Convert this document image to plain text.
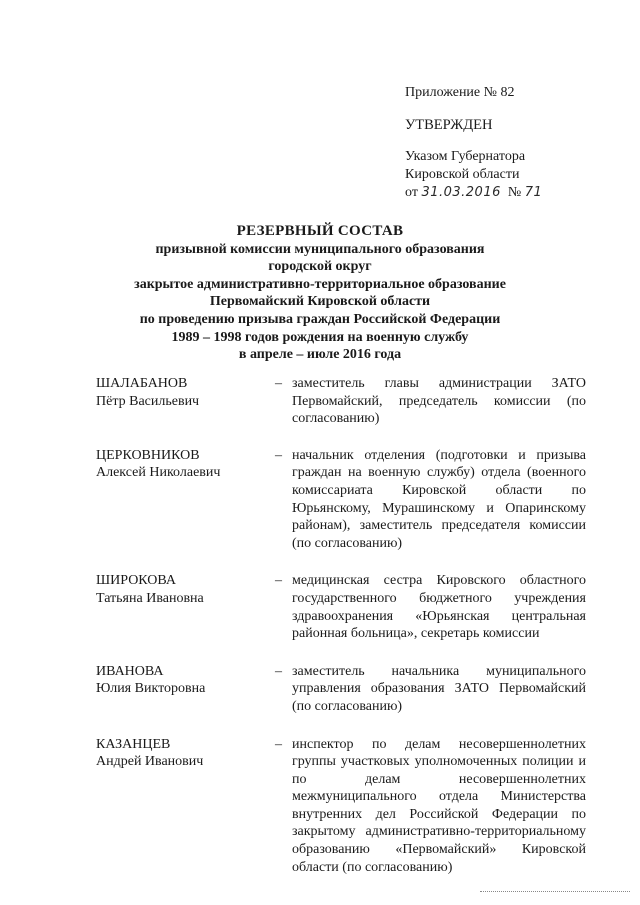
Приложение № 82
УТВЕРЖДЕН
Указом Губернатора
Кировской области
от 31.03.2016 № 71
РЕЗЕРВНЫЙ СОСТАВ
призывной комиссии муниципального образования
городской округ
закрытое административно-территориальное образование
Первомайский Кировской области
по проведению призыва граждан Российской Федерации
1989 – 1998 годов рождения на военную службу
в апреле – июле 2016 года
ШАЛАБАНОВ
Пётр Васильевич
– заместитель главы администрации ЗАТО Первомайский, председатель комиссии (по согласованию)
ЦЕРКОВНИКОВ
Алексей Николаевич
– начальник отделения (подготовки и призыва граждан на военную службу) отдела (военного комиссариата Кировской области по Юрьянскому, Мурашинскому и Опаринскому районам), заместитель председателя комиссии (по согласованию)
ШИРОКОВА
Татьяна Ивановна
– медицинская сестра Кировского областного государственного бюджетного учреждения здравоохранения «Юрьянская центральная районная больница», секретарь комиссии
ИВАНОВА
Юлия Викторовна
– заместитель начальника муниципального управления образования ЗАТО Первомайский (по согласованию)
КАЗАНЦЕВ
Андрей Иванович
– инспектор по делам несовершеннолетних группы участковых уполномоченных полиции и по делам несовершеннолетних межмуниципального отдела Министерства внутренних дел Российской Федерации по закрытому административно-территориальному образованию «Первомайский» Кировской области (по согласованию)
